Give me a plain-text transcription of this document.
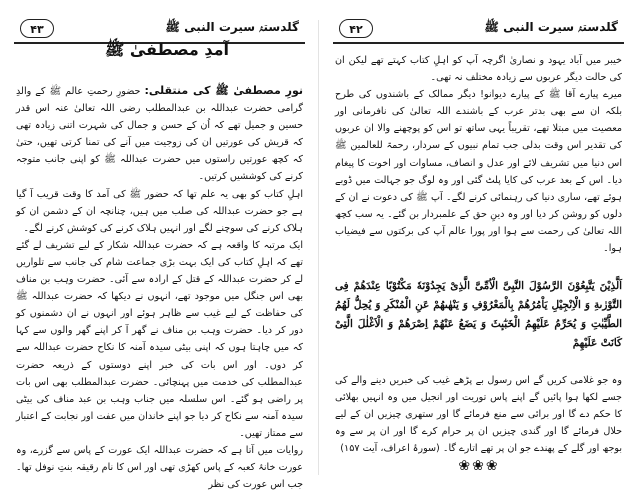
۴۳	گلدستۂ سیرت النبی ﷺ
آمدِ مصطفیٰ ﷺ
نورِ مصطفیٰ ﷺ کی منتقلی: حضورِ رحمتِ عالم ﷺ کے والدِ گرامی حضرت عبداللہ بن عبدالمطلب رضی اللہ تعالیٰ عنہ اس قدر حسین و جمیل تھے کہ اُن کے حسن و جمال کی شہرت اتنی زیادہ تھی کہ قریش کی عورتیں ان کی زوجیت میں آنے کی تمنا کرتی تھیں، حتیٰ کہ کچھ عورتیں راستوں میں حضرت عبداللہ ﷺ کو اپنی جانب متوجہ کرنے کی کوششیں کرتیں۔
اہلِ کتاب کو بھی یہ علم تھا کہ حضور ﷺ کی آمد کا وقت قریب آ گیا ہے جو حضرت عبداللہ کی صلب میں ہیں، چنانچہ ان کے دشمن ان کو ہلاک کرنے کی سوچنے لگے اور انہیں ہلاک کرنے کی کوشش کرنے لگے۔
ایک مرتبہ کا واقعہ ہے کہ حضرت عبداللہ شکار کے لیے تشریف لے گئے تھے کہ اہلِ کتاب کی ایک بہت بڑی جماعت شام کی جانب سے تلواریں لے کر حضرت عبداللہ کے قتل کے ارادہ سے آئی۔ حضرت وہب بن مناف بھی اس جنگل میں موجود تھے، انہوں نے دیکھا کہ حضرت عبداللہ ﷺ کی حفاظت کے لیے غیب سے ظاہر ہوئے اور انہوں نے ان دشمنوں کو دور کر دیا۔ حضرت وہب بن مناف نے گھر آ کر اپنے گھر والوں سے کہا کہ میں چاہتا ہوں کہ اپنی بیٹی سیدہ آمنہ کا نکاح حضرت عبداللہ سے کر دوں۔ اور اس بات کی خبر اپنے دوستوں کے ذریعہ حضرت عبدالمطلب کی خدمت میں پہنچائی۔ حضرت عبدالمطلب بھی اس بات پر راضی ہو گئے۔ اس سلسلہ میں جناب وہب بن عبد مناف کی بیٹی سیدہ آمنہ سے نکاح کر دیا جو اپنے خاندان میں عفت اور نجابت کے اعتبار سے ممتاز تھیں۔
روایات میں آتا ہے کہ حضرت عبداللہ ایک عورت کے پاس سے گزرے، وہ عورت خانۂ کعبہ کے پاس کھڑی تھی اور اس کا نام رقیقہ بنتِ نوفل تھا۔ جب اس عورت کی نظر
۴۲	گلدستۂ سیرت النبی ﷺ
خیبر میں آباد یہود و نصاریٰ اگرچہ آپ کو اہلِ کتاب کہتے تھے لیکن ان کی حالت دیگر عربوں سے زیادہ مختلف نہ تھی۔
میرے پیارے آقا ﷺ کے پیارے دیوانو! دیگر ممالک کے باشندوں کی طرح بلکہ ان سے بھی بدتر عرب کے باشندے اللہ تعالیٰ کی نافرمانی اور معصیت میں مبتلا تھے، تقریباً یہی ساتھ تو اس کو پوچھنے والا ان عربوں کی تقدیر اس وقت بدلی جب تمام نبیوں کے سردار، رحمۃ للعالمین ﷺ اس دنیا میں تشریف لائے اور عدل و انصاف، مساوات اور اخوت کا پیغام دیا۔ اس کے بعد عرب کی کایا پلٹ گئی اور وہ لوگ جو جہالت میں ڈوبے ہوئے تھے، ساری دنیا کی رہنمائی کرنے لگے۔ آپ ﷺ کی دعوت نے ان کے دلوں کو روشن کر دیا اور وہ دینِ حق کے علمبردار بن گئے۔ یہ سب کچھ اللہ تعالیٰ کی رحمت سے ہوا اور پورا عالم آپ کی برکتوں سے فیضیاب ہوا۔
اَلَّذِیْنَ یَتَّبِعُوْنَ الرَّسُوْلَ النَّبِیَّ الْاُمِّیَّ الَّذِیْ یَجِدُوْنَهٗ مَكْتُوْبًا عِنْدَهُمْ فِی التَّوْرٰىةِ وَ الْاِنْجِیْلِ یَاْمُرُهُمْ بِالْمَعْرُوْفِ وَ یَنْهٰىهُمْ عَنِ الْمُنْكَرِ وَ یُحِلُّ لَهُمُ الطَّیِّبٰتِ وَ یُحَرِّمُ عَلَیْهِمُ الْخَبٰٓىٕثَ وَ یَضَعُ عَنْهُمْ اِصْرَهُمْ وَ الْاَغْلٰلَ الَّتِیْ كَانَتْ عَلَیْهِمْ
وہ جو غلامی کریں گے اس رسول بے پڑھے غیب کی خبریں دینے والے کی جسے لکھا ہوا پائیں گے اپنے پاس توریت اور انجیل میں وہ انہیں بھلائی کا حکم دے گا اور برائی سے منع فرمائے گا اور ستھری چیزیں ان کے لیے حلال فرمائے گا اور گندی چیزیں ان پر حرام کرے گا اور ان پر سے وہ بوجھ اور گلے کے پھندے جو ان پر تھے اتارے گا۔ (سورۂ اعراف، آیت ۱۵۷)
❀❀❀
